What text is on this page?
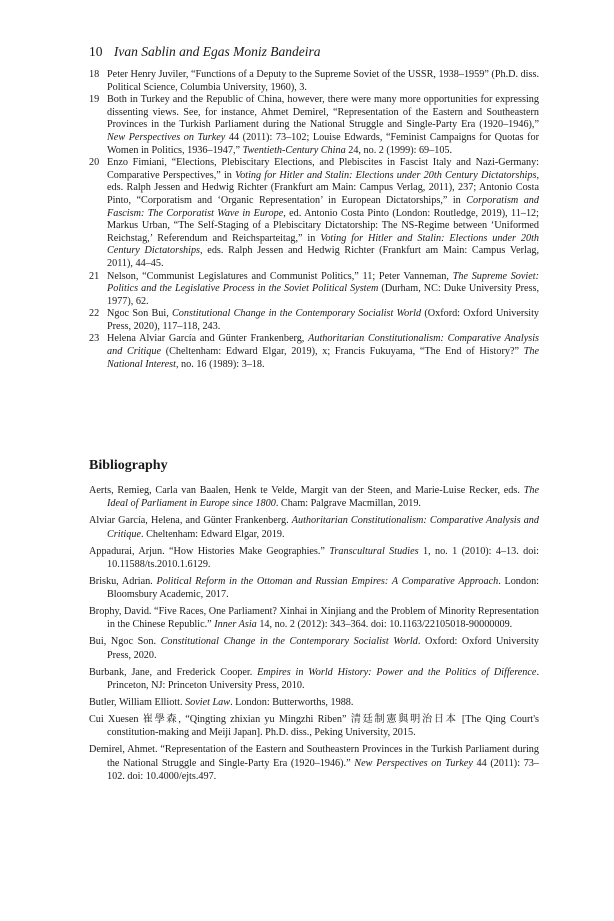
10 Ivan Sablin and Egas Moniz Bandeira
18 Peter Henry Juviler, “Functions of a Deputy to the Supreme Soviet of the USSR, 1938–1959” (Ph.D. diss. Political Science, Columbia University, 1960), 3.
19 Both in Turkey and the Republic of China, however, there were many more opportunities for expressing dissenting views. See, for instance, Ahmet Demirel, “Representation of the Eastern and Southeastern Provinces in the Turkish Parliament during the National Struggle and Single-Party Era (1920–1946),” New Perspectives on Turkey 44 (2011): 73–102; Louise Edwards, “Feminist Campaigns for Quotas for Women in Politics, 1936–1947,” Twentieth-Century China 24, no. 2 (1999): 69–105.
20 Enzo Fimiani, “Elections, Plebiscitary Elections, and Plebiscites in Fascist Italy and Nazi-Germany: Comparative Perspectives,” in Voting for Hitler and Stalin: Elections under 20th Century Dictatorships, eds. Ralph Jessen and Hedwig Richter (Frankfurt am Main: Campus Verlag, 2011), 237; Antonio Costa Pinto, “Corporatism and ‘Organic Representation’ in European Dictatorships,” in Corporatism and Fascism: The Corporatist Wave in Europe, ed. Antonio Costa Pinto (London: Routledge, 2019), 11–12; Markus Urban, “The Self-Staging of a Plebiscitary Dictatorship: The NS-Regime between ‘Uniformed Reichstag,’ Referendum and Reichsparteitag,” in Voting for Hitler and Stalin: Elections under 20th Century Dictatorships, eds. Ralph Jessen and Hedwig Richter (Frankfurt am Main: Campus Verlag, 2011), 44–45.
21 Nelson, “Communist Legislatures and Communist Politics,” 11; Peter Vanneman, The Supreme Soviet: Politics and the Legislative Process in the Soviet Political System (Durham, NC: Duke University Press, 1977), 62.
22 Ngoc Son Bui, Constitutional Change in the Contemporary Socialist World (Oxford: Oxford University Press, 2020), 117–118, 243.
23 Helena Alviar García and Günter Frankenberg, Authoritarian Constitutionalism: Comparative Analysis and Critique (Cheltenham: Edward Elgar, 2019), x; Francis Fukuyama, “The End of History?” The National Interest, no. 16 (1989): 3–18.
Bibliography
Aerts, Remieg, Carla van Baalen, Henk te Velde, Margit van der Steen, and Marie-Luise Recker, eds. The Ideal of Parliament in Europe since 1800. Cham: Palgrave Macmillan, 2019.
Alviar García, Helena, and Günter Frankenberg. Authoritarian Constitutionalism: Comparative Analysis and Critique. Cheltenham: Edward Elgar, 2019.
Appadurai, Arjun. “How Histories Make Geographies.” Transcultural Studies 1, no. 1 (2010): 4–13. doi: 10.11588/ts.2010.1.6129.
Brisku, Adrian. Political Reform in the Ottoman and Russian Empires: A Comparative Approach. London: Bloomsbury Academic, 2017.
Brophy, David. “Five Races, One Parliament? Xinhai in Xinjiang and the Problem of Minority Representation in the Chinese Republic.” Inner Asia 14, no. 2 (2012): 343–364. doi: 10.1163/22105018-90000009.
Bui, Ngoc Son. Constitutional Change in the Contemporary Socialist World. Oxford: Oxford University Press, 2020.
Burbank, Jane, and Frederick Cooper. Empires in World History: Power and the Politics of Difference. Princeton, NJ: Princeton University Press, 2010.
Butler, William Elliott. Soviet Law. London: Butterworths, 1988.
Cui Xuesen 崔學森, “Qingting zhixian yu Mingzhi Riben” 清廷制憲與明治日本 [The Qing Court's constitution-making and Meiji Japan]. Ph.D. diss., Peking University, 2015.
Demirel, Ahmet. “Representation of the Eastern and Southeastern Provinces in the Turkish Parliament during the National Struggle and Single-Party Era (1920–1946).” New Perspectives on Turkey 44 (2011): 73–102. doi: 10.4000/ejts.497.
